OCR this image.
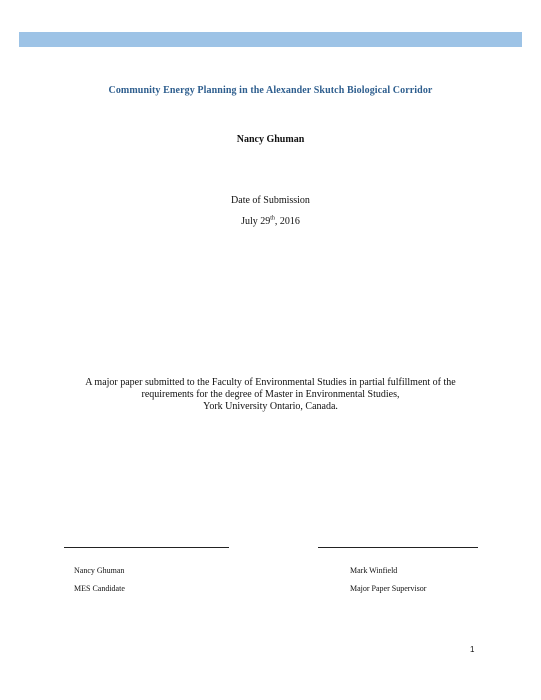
Community Energy Planning in the Alexander Skutch Biological Corridor
Nancy Ghuman
Date of Submission
July 29th, 2016
A major paper submitted to the Faculty of Environmental Studies in partial fulfillment of the
requirements for the degree of Master in Environmental Studies,
York University Ontario, Canada.
Nancy Ghuman
MES Candidate
Mark Winfield
Major Paper Supervisor
1
